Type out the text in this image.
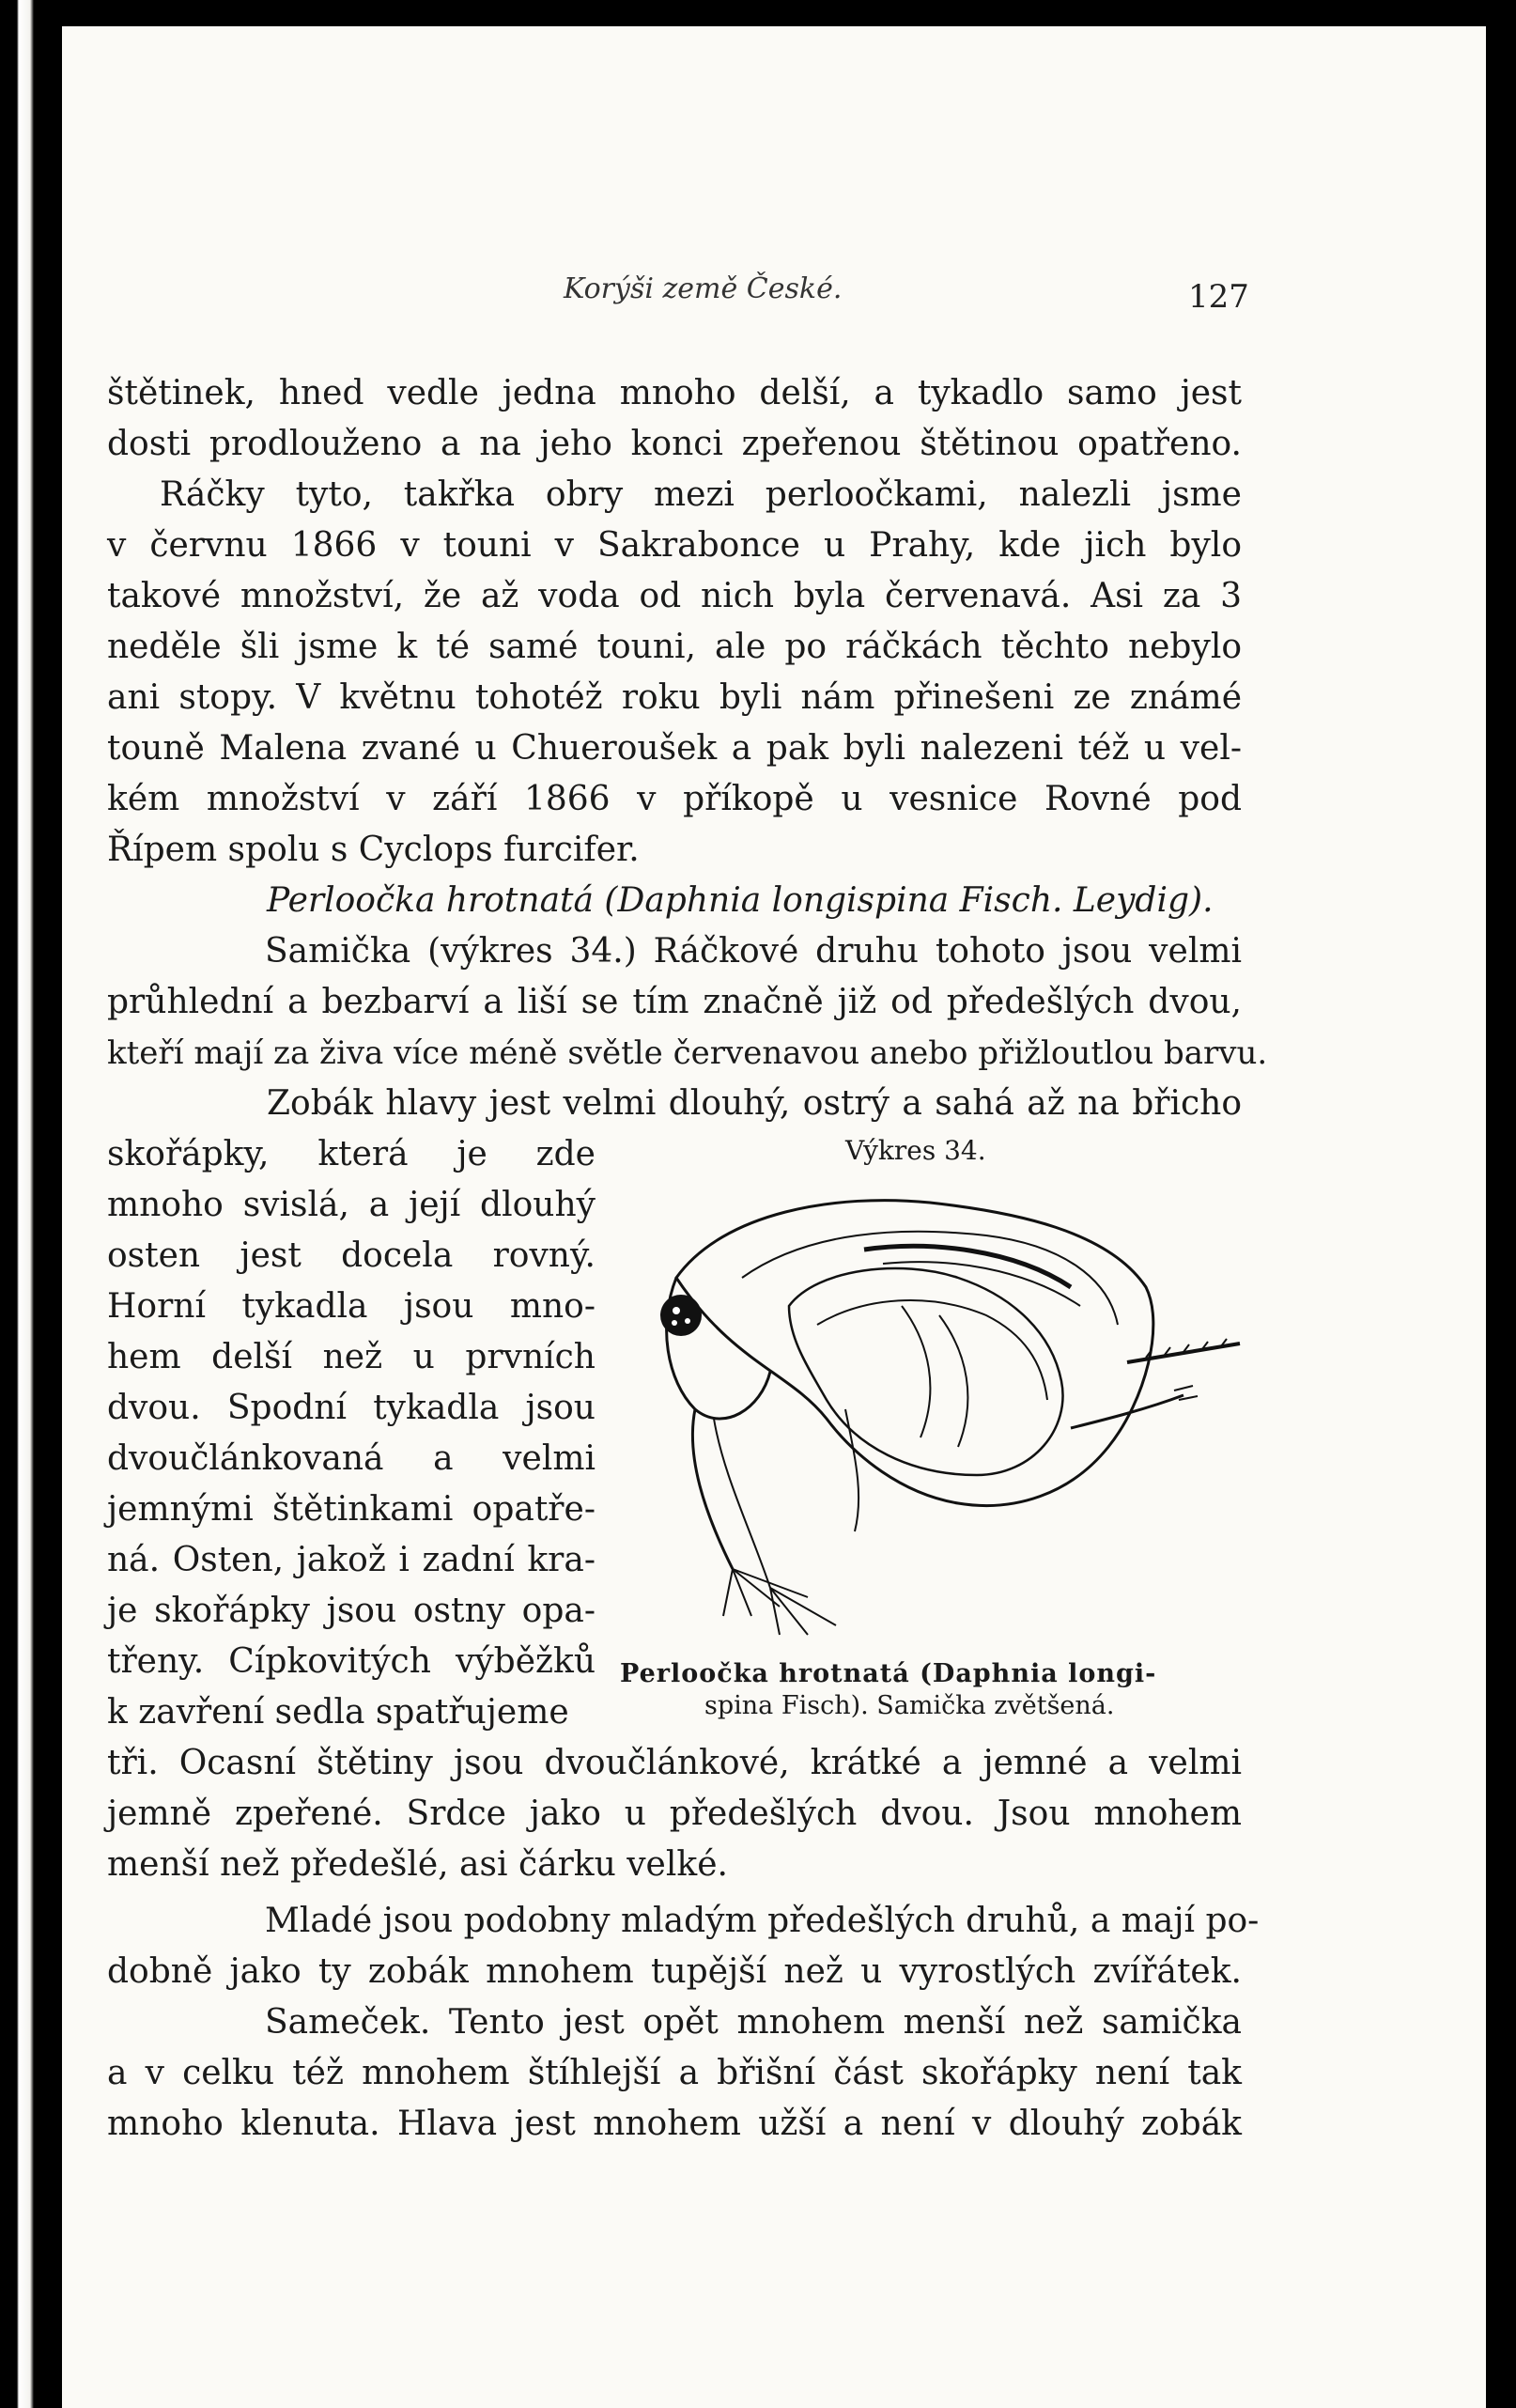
Korýši země České.	127
štětinek, hned vedle jedna mnoho delší, a tykadlo samo jest
dosti prodlouženo a na jeho konci zpeřenou štětinou opatřeno.
Ráčky tyto, takřka obry mezi perloočkami, nalezli jsme
v červnu 1866 v touni v Sakrabonce u Prahy, kde jich bylo
takové množství, že až voda od nich byla červenavá. Asi za 3
neděle šli jsme k té samé touni, ale po ráčkách těchto nebylo
ani stopy. V květnu tohotéž roku byli nám přinešeni ze známé
touně Malena zvané u Chueroušek a pak byli nalezeni též u vel-
kém množství v září 1866 v příkopě u vesnice Rovné pod
Řípem spolu s Cyclops furcifer.
Perloočka hrotnatá (Daphnia longispina Fisch. Leydig).
Samička (výkres 34.) Ráčkové druhu tohoto jsou velmi
průhlední a bezbarví a liší se tím značně již od předešlých dvou,
kteří mají za živa více méně světle červenavou anebo přižloutlou barvu.
Zobák hlavy jest velmi dlouhý, ostrý a sahá až na břicho
skořápky, která je zde
mnoho svislá, a její dlouhý
osten jest docela rovný.
Horní tykadla jsou mno-
hem delší než u prvních
dvou. Spodní tykadla jsou
dvoučlánkovaná a velmi
jemnými štětinkami opatře-
ná. Osten, jakož i zadní kra-
je skořápky jsou ostny opa-
třeny. Cípkovitých výběžků
k zavření sedla spatřujeme
Výkres 34.
Perloočka hrotnatá (Daphnia longi-
spina Fisch). Samička zvětšená.
tři. Ocasní štětiny jsou dvoučlánkové, krátké a jemné a velmi
jemně zpeřené. Srdce jako u předešlých dvou. Jsou mnohem
menší než předešlé, asi čárku velké.
Mladé jsou podobny mladým předešlých druhů, a mají po-
dobně jako ty zobák mnohem tupější než u vyrostlých zvířátek.
Sameček. Tento jest opět mnohem menší než samička
a v celku též mnohem štíhlejší a břišní část skořápky není tak
mnoho klenuta. Hlava jest mnohem užší a není v dlouhý zobák
